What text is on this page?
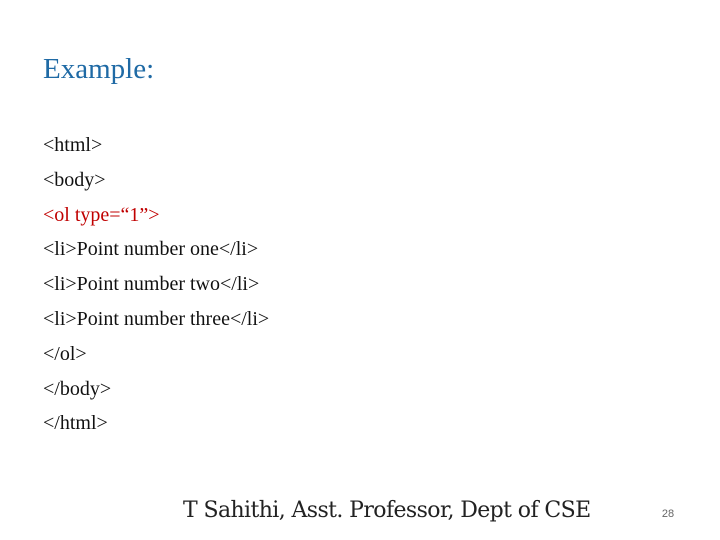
Example:
<html>
<body>
<ol type=“1”>
<li>Point number one</li>
<li>Point number two</li>
<li>Point number three</li>
</ol>
</body>
</html>
T Sahithi, Asst. Professor, Dept of CSE	28
